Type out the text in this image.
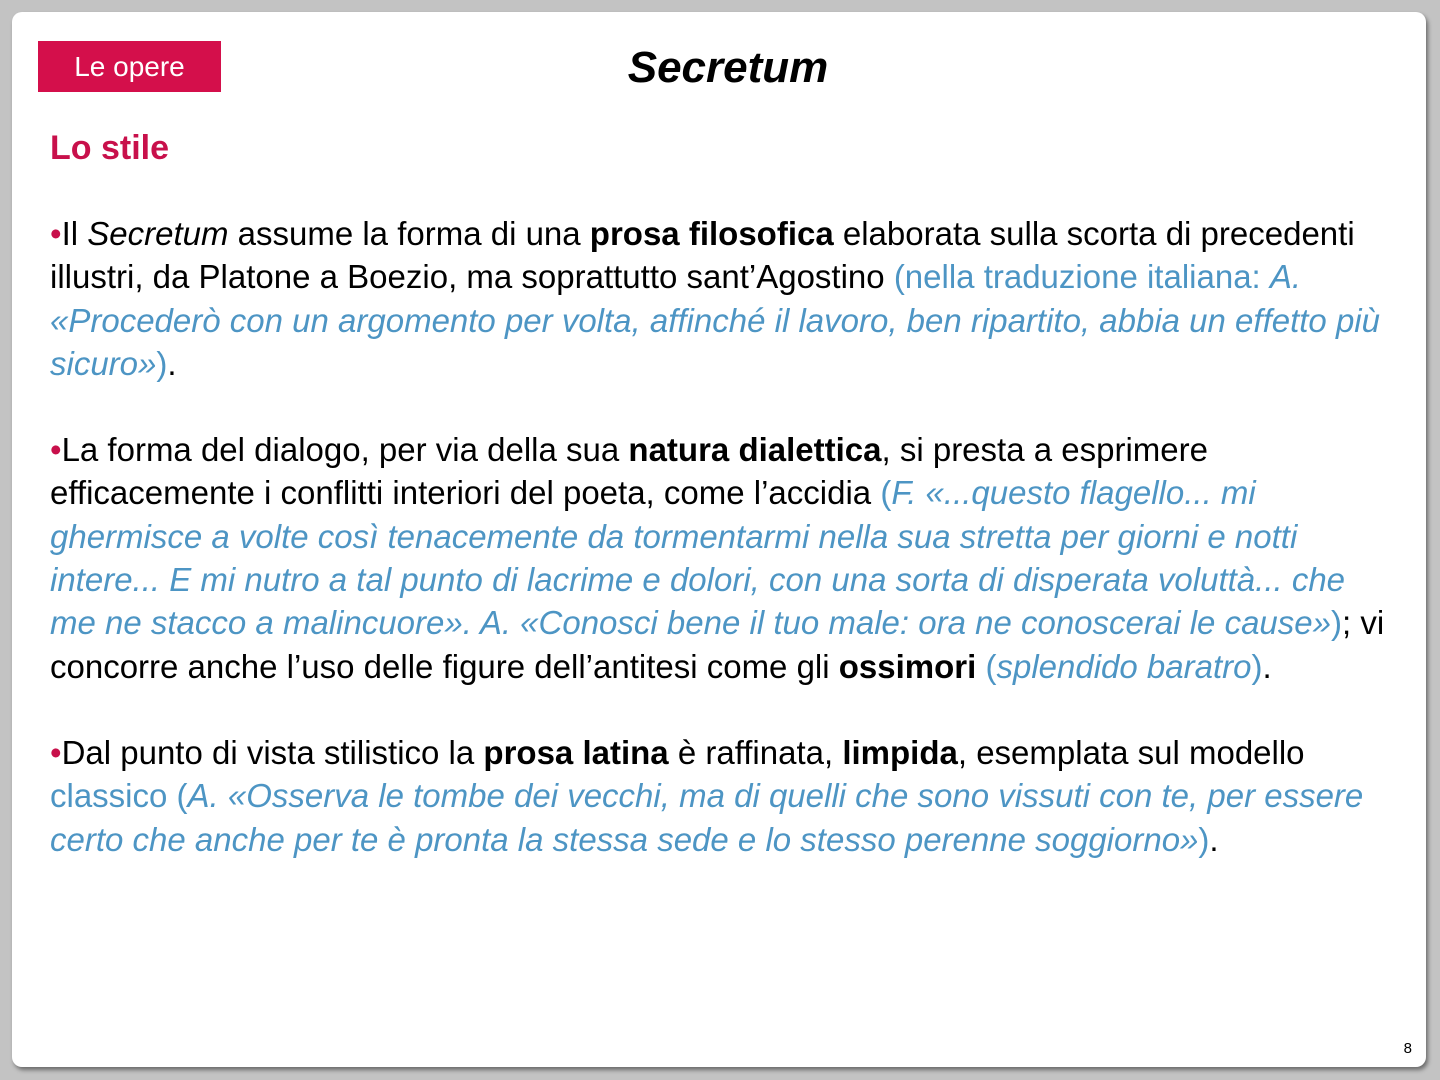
Le opere	Secretum
Lo stile

•Il Secretum assume la forma di una prosa filosofica elaborata sulla scorta di precedenti illustri, da Platone a Boezio, ma soprattutto sant’Agostino (nella traduzione italiana: A. «Procederò con un argomento per volta, affinché il lavoro, ben ripartito, abbia un effetto più sicuro»).

•La forma del dialogo, per via della sua natura dialettica, si presta a esprimere efficacemente i conflitti interiori del poeta, come l’accidia (F. «...questo flagello... mi ghermisce a volte così tenacemente da tormentarmi nella sua stretta per giorni e notti intere... E mi nutro a tal punto di lacrime e dolori, con una sorta di disperata voluttà... che me ne stacco a malincuore». A. «Conosci bene il tuo male: ora ne conoscerai le cause»); vi concorre anche l’uso delle figure dell’antitesi come gli ossimori (splendido baratro).

•Dal punto di vista stilistico la prosa latina è raffinata, limpida, esemplata sul modello classico (A. «Osserva le tombe dei vecchi, ma di quelli che sono vissuti con te, per essere certo che anche per te è pronta la stessa sede e lo stesso perenne soggiorno»).

8
